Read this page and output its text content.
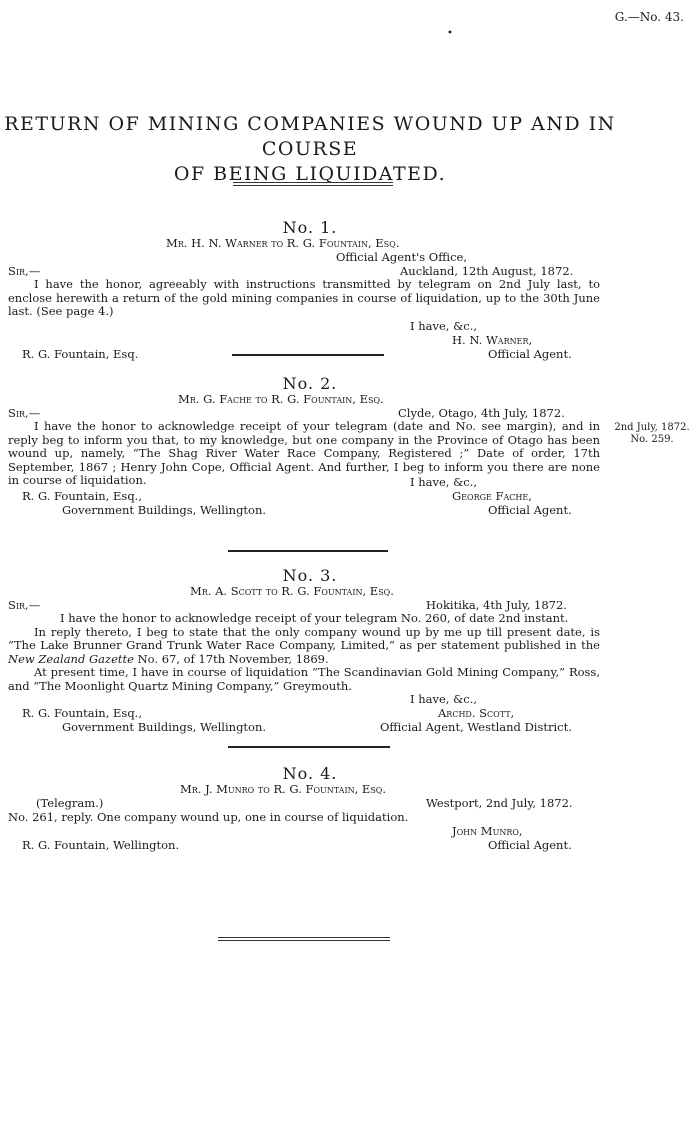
G.—No. 43.
•
RETURN OF MINING COMPANIES WOUND UP AND IN COURSE
OF BEING LIQUIDATED.
No. 1.
Mr. H. N. Warner to R. G. Fountain, Esq.
Official Agent's Office,
Sir,—	Auckland, 12th August, 1872.

I have the honor, agreeably with instructions transmitted by telegram on 2nd July last, to enclose herewith a return of the gold mining companies in course of liquidation, up to the 30th June last. (See page 4.)

I have, &c.,
H. N. Warner,
R. G. Fountain, Esq.	Official Agent.
No. 2.
Mr. G. Fache to R. G. Fountain, Esq.
Sir,—	Clyde, Otago, 4th July, 1872.

I have the honor to acknowledge receipt of your telegram (date and No. see margin), and in reply beg to inform you that, to my knowledge, but one company in the Province of Otago has been wound up, namely, “The Shag River Water Race Company, Registered ;” Date of order, 17th September, 1867 ; Henry John Cope, Official Agent. And further, I beg to inform you there are none in course of liquidation.

2nd July, 1872.
No. 259.
I have, &c.,
R. G. Fountain, Esq.,	George Fache,
Government Buildings, Wellington.	Official Agent.
No. 3.
Mr. A. Scott to R. G. Fountain, Esq.
Sir,—	Hokitika, 4th July, 1872.

I have the honor to acknowledge receipt of your telegram No. 260, of date 2nd instant.

In reply thereto, I beg to state that the only company wound up by me up till present date, is “The Lake Brunner Grand Trunk Water Race Company, Limited,” as per statement published in the New Zealand Gazette No. 67, of 17th November, 1869.

At present time, I have in course of liquidation “The Scandinavian Gold Mining Company,” Ross, and “The Moonlight Quartz Mining Company,” Greymouth.

I have, &c.,
R. G. Fountain, Esq.,	Archd. Scott,
Government Buildings, Wellington.	Official Agent, Westland District.
No. 4.
Mr. J. Munro to R. G. Fountain, Esq.
(Telegram.)	Westport, 2nd July, 1872.
No. 261, reply. One company wound up, one in course of liquidation.
John Munro,
R. G. Fountain, Wellington.	Official Agent.
